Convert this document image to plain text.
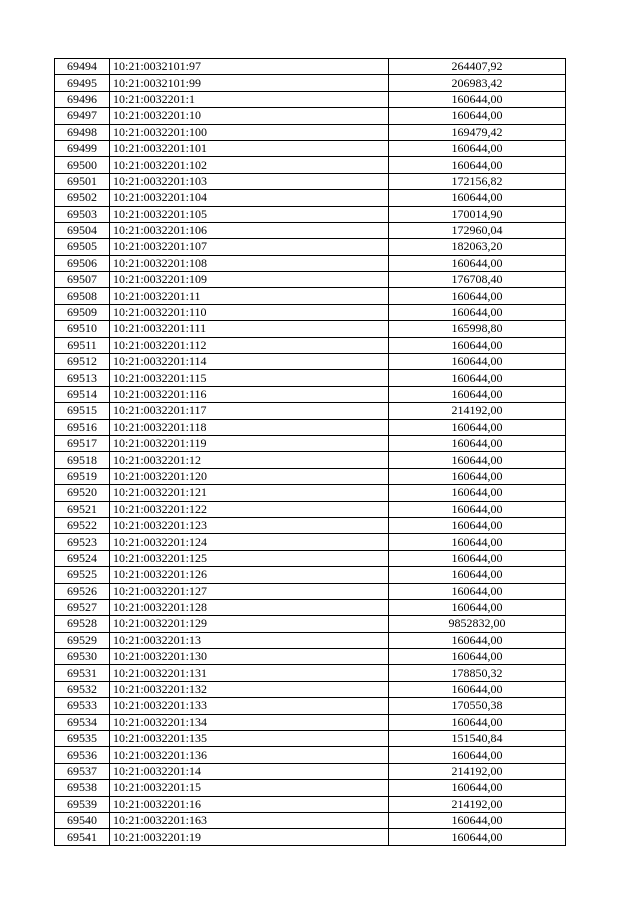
69494	10:21:0032101:97	264407,92
69495	10:21:0032101:99	206983,42
69496	10:21:0032201:1	160644,00
69497	10:21:0032201:10	160644,00
69498	10:21:0032201:100	169479,42
69499	10:21:0032201:101	160644,00
69500	10:21:0032201:102	160644,00
69501	10:21:0032201:103	172156,82
69502	10:21:0032201:104	160644,00
69503	10:21:0032201:105	170014,90
69504	10:21:0032201:106	172960,04
69505	10:21:0032201:107	182063,20
69506	10:21:0032201:108	160644,00
69507	10:21:0032201:109	176708,40
69508	10:21:0032201:11	160644,00
69509	10:21:0032201:110	160644,00
69510	10:21:0032201:111	165998,80
69511	10:21:0032201:112	160644,00
69512	10:21:0032201:114	160644,00
69513	10:21:0032201:115	160644,00
69514	10:21:0032201:116	160644,00
69515	10:21:0032201:117	214192,00
69516	10:21:0032201:118	160644,00
69517	10:21:0032201:119	160644,00
69518	10:21:0032201:12	160644,00
69519	10:21:0032201:120	160644,00
69520	10:21:0032201:121	160644,00
69521	10:21:0032201:122	160644,00
69522	10:21:0032201:123	160644,00
69523	10:21:0032201:124	160644,00
69524	10:21:0032201:125	160644,00
69525	10:21:0032201:126	160644,00
69526	10:21:0032201:127	160644,00
69527	10:21:0032201:128	160644,00
69528	10:21:0032201:129	9852832,00
69529	10:21:0032201:13	160644,00
69530	10:21:0032201:130	160644,00
69531	10:21:0032201:131	178850,32
69532	10:21:0032201:132	160644,00
69533	10:21:0032201:133	170550,38
69534	10:21:0032201:134	160644,00
69535	10:21:0032201:135	151540,84
69536	10:21:0032201:136	160644,00
69537	10:21:0032201:14	214192,00
69538	10:21:0032201:15	160644,00
69539	10:21:0032201:16	214192,00
69540	10:21:0032201:163	160644,00
69541	10:21:0032201:19	160644,00
